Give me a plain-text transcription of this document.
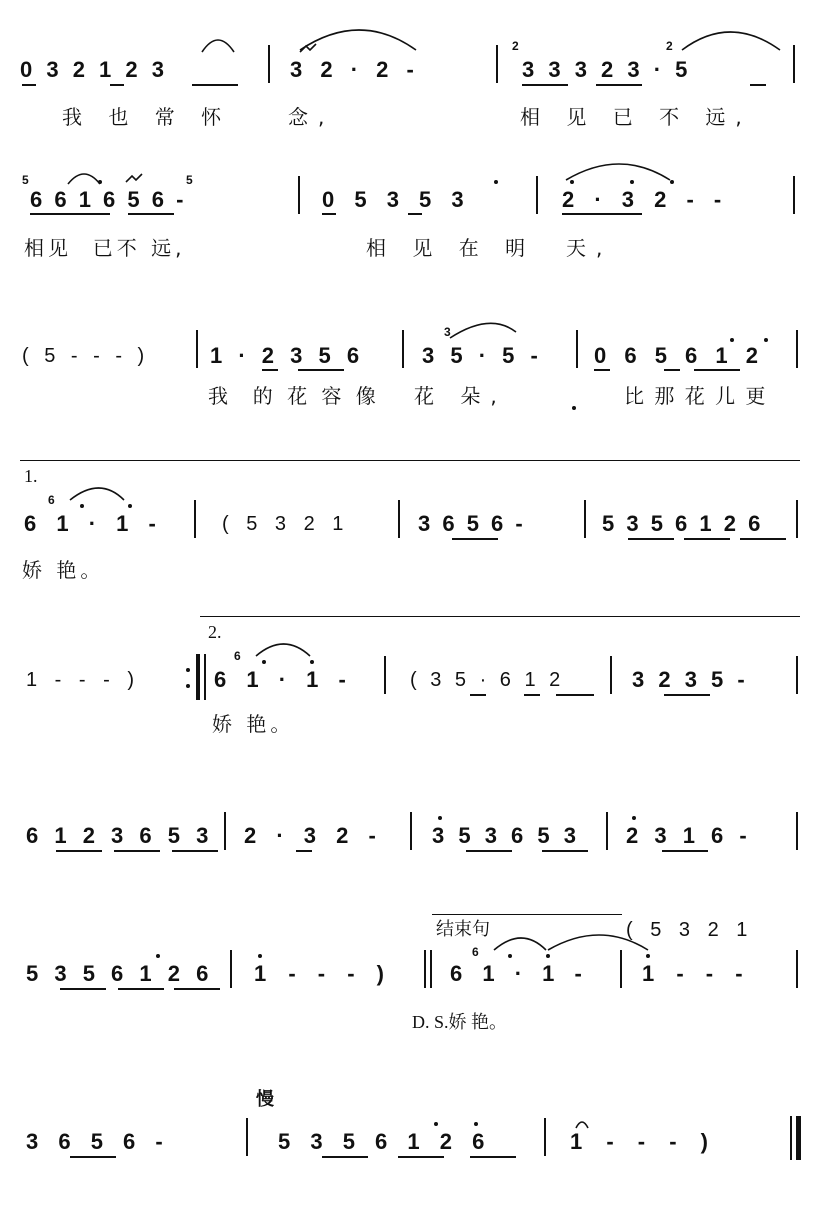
0 3 2 1 2 3	3 2 · 2 -
2	2
3 3 3 2 3 · 5
我 也 常 怀	念,	相 见 已 不 远,
5	5
6 6 1 6 5 6 -	0 5 3 5 3	2 · 3 2 - -
相见  已不 远,	相 见 在 明 天,
( 5 - - - )	1 · 2 3 5 6
3
3 5 · 5 -	0 6 5 6 1 2
我  的 花 容 像 花 朵,	比 那 花 儿 更
1.
6
6 1 · 1 -	( 5 3 2 1	3 6 5 6 -	5 3 5 6 1 2 6
娇 艳。
1 - - - )
2.
6
6 1 · 1 -	( 3 5 · 6 1 2	3 2 3 5 -
娇 艳。
6 1 2 3 6 5 3 2 · 3 2 -	3 5 3 6 5 3 2 3 1 6 -
5 3 5 6 1 2 6 1 - - - )
结束句	( 5 3 2 1
6
6 1 · 1 -	1 - - -
D. S.娇 艳。
慢
3 6 5 6 -	5 3 5 6 1 2 6	1 - - - )
